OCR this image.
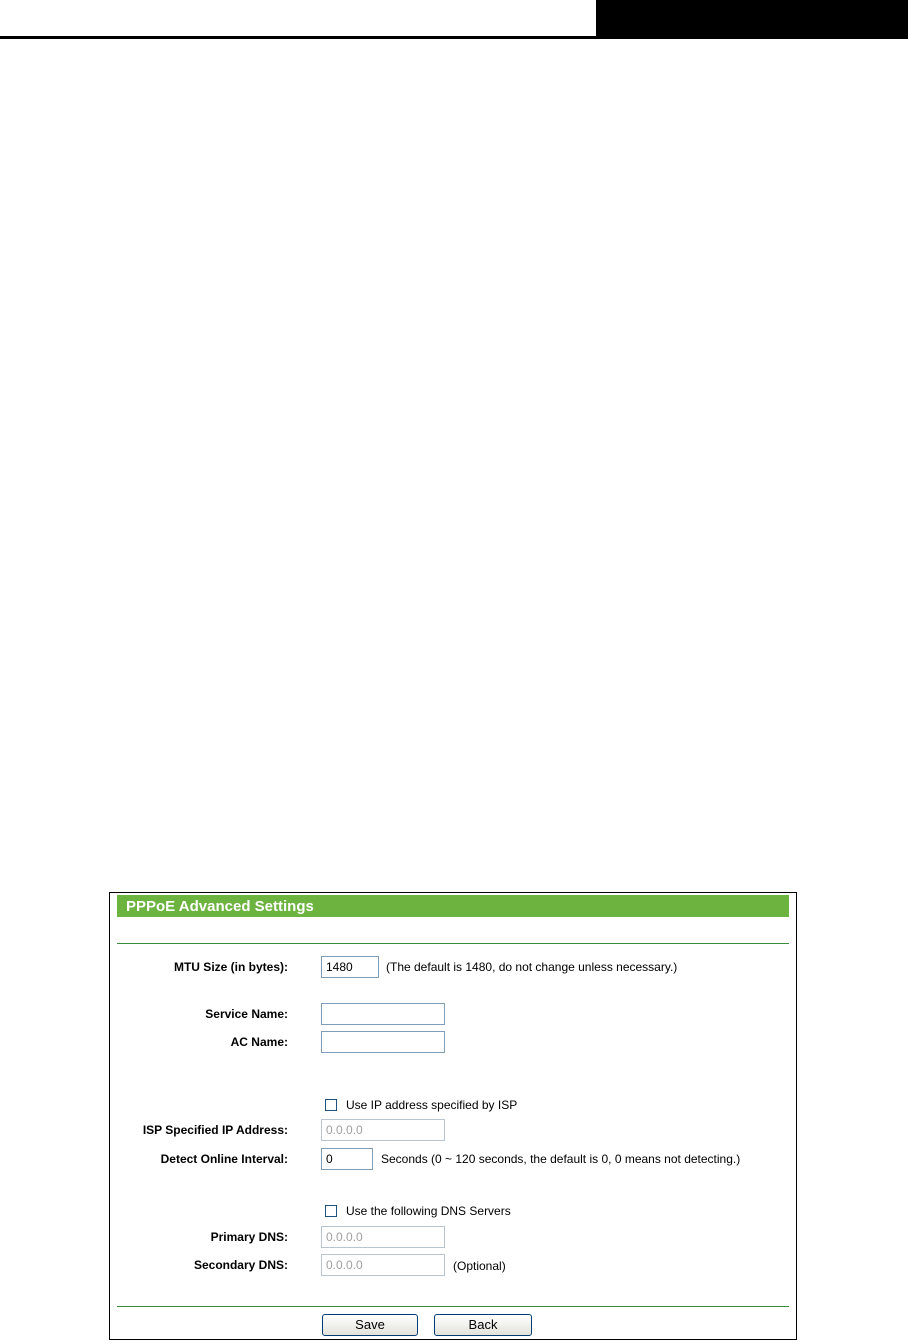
PPPoE Advanced Settings
MTU Size (in bytes):	1480	(The default is 1480, do not change unless necessary.)
Service Name:
AC Name:
Use IP address specified by ISP
ISP Specified IP Address:	0.0.0.0
Detect Online Interval:	0	Seconds (0 ~ 120 seconds, the default is 0, 0 means not detecting.)
Use the following DNS Servers
Primary DNS:	0.0.0.0
Secondary DNS:	0.0.0.0	(Optional)
Save	Back
